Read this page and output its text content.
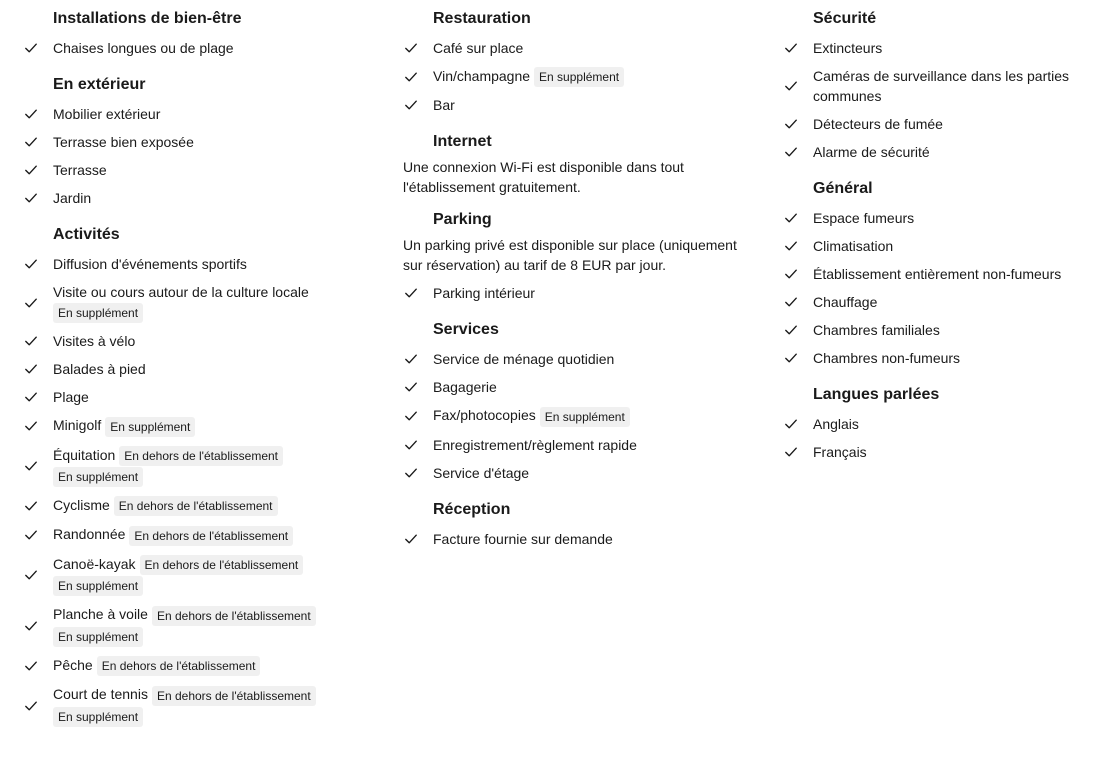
Installations de bien-être
Chaises longues ou de plage
En extérieur
Mobilier extérieur
Terrasse bien exposée
Terrasse
Jardin
Activités
Diffusion d'événements sportifs
Visite ou cours autour de la culture locale
En supplément
Visites à vélo
Balades à pied
Plage
Minigolf En supplément
Équitation En dehors de l'établissement
En supplément
Cyclisme En dehors de l'établissement
Randonnée En dehors de l'établissement
Canoë-kayak En dehors de l'établissement
En supplément
Planche à voile En dehors de l'établissement
En supplément
Pêche En dehors de l'établissement
Court de tennis En dehors de l'établissement
En supplément
Restauration
Café sur place
Vin/champagne En supplément
Bar
Internet
Une connexion Wi-Fi est disponible dans tout l'établissement gratuitement.
Parking
Un parking privé est disponible sur place (uniquement sur réservation) au tarif de 8 EUR par jour.
Parking intérieur
Services
Service de ménage quotidien
Bagagerie
Fax/photocopies En supplément
Enregistrement/règlement rapide
Service d'étage
Réception
Facture fournie sur demande
Sécurité
Extincteurs
Caméras de surveillance dans les parties communes
Détecteurs de fumée
Alarme de sécurité
Général
Espace fumeurs
Climatisation
Établissement entièrement non-fumeurs
Chauffage
Chambres familiales
Chambres non-fumeurs
Langues parlées
Anglais
Français
